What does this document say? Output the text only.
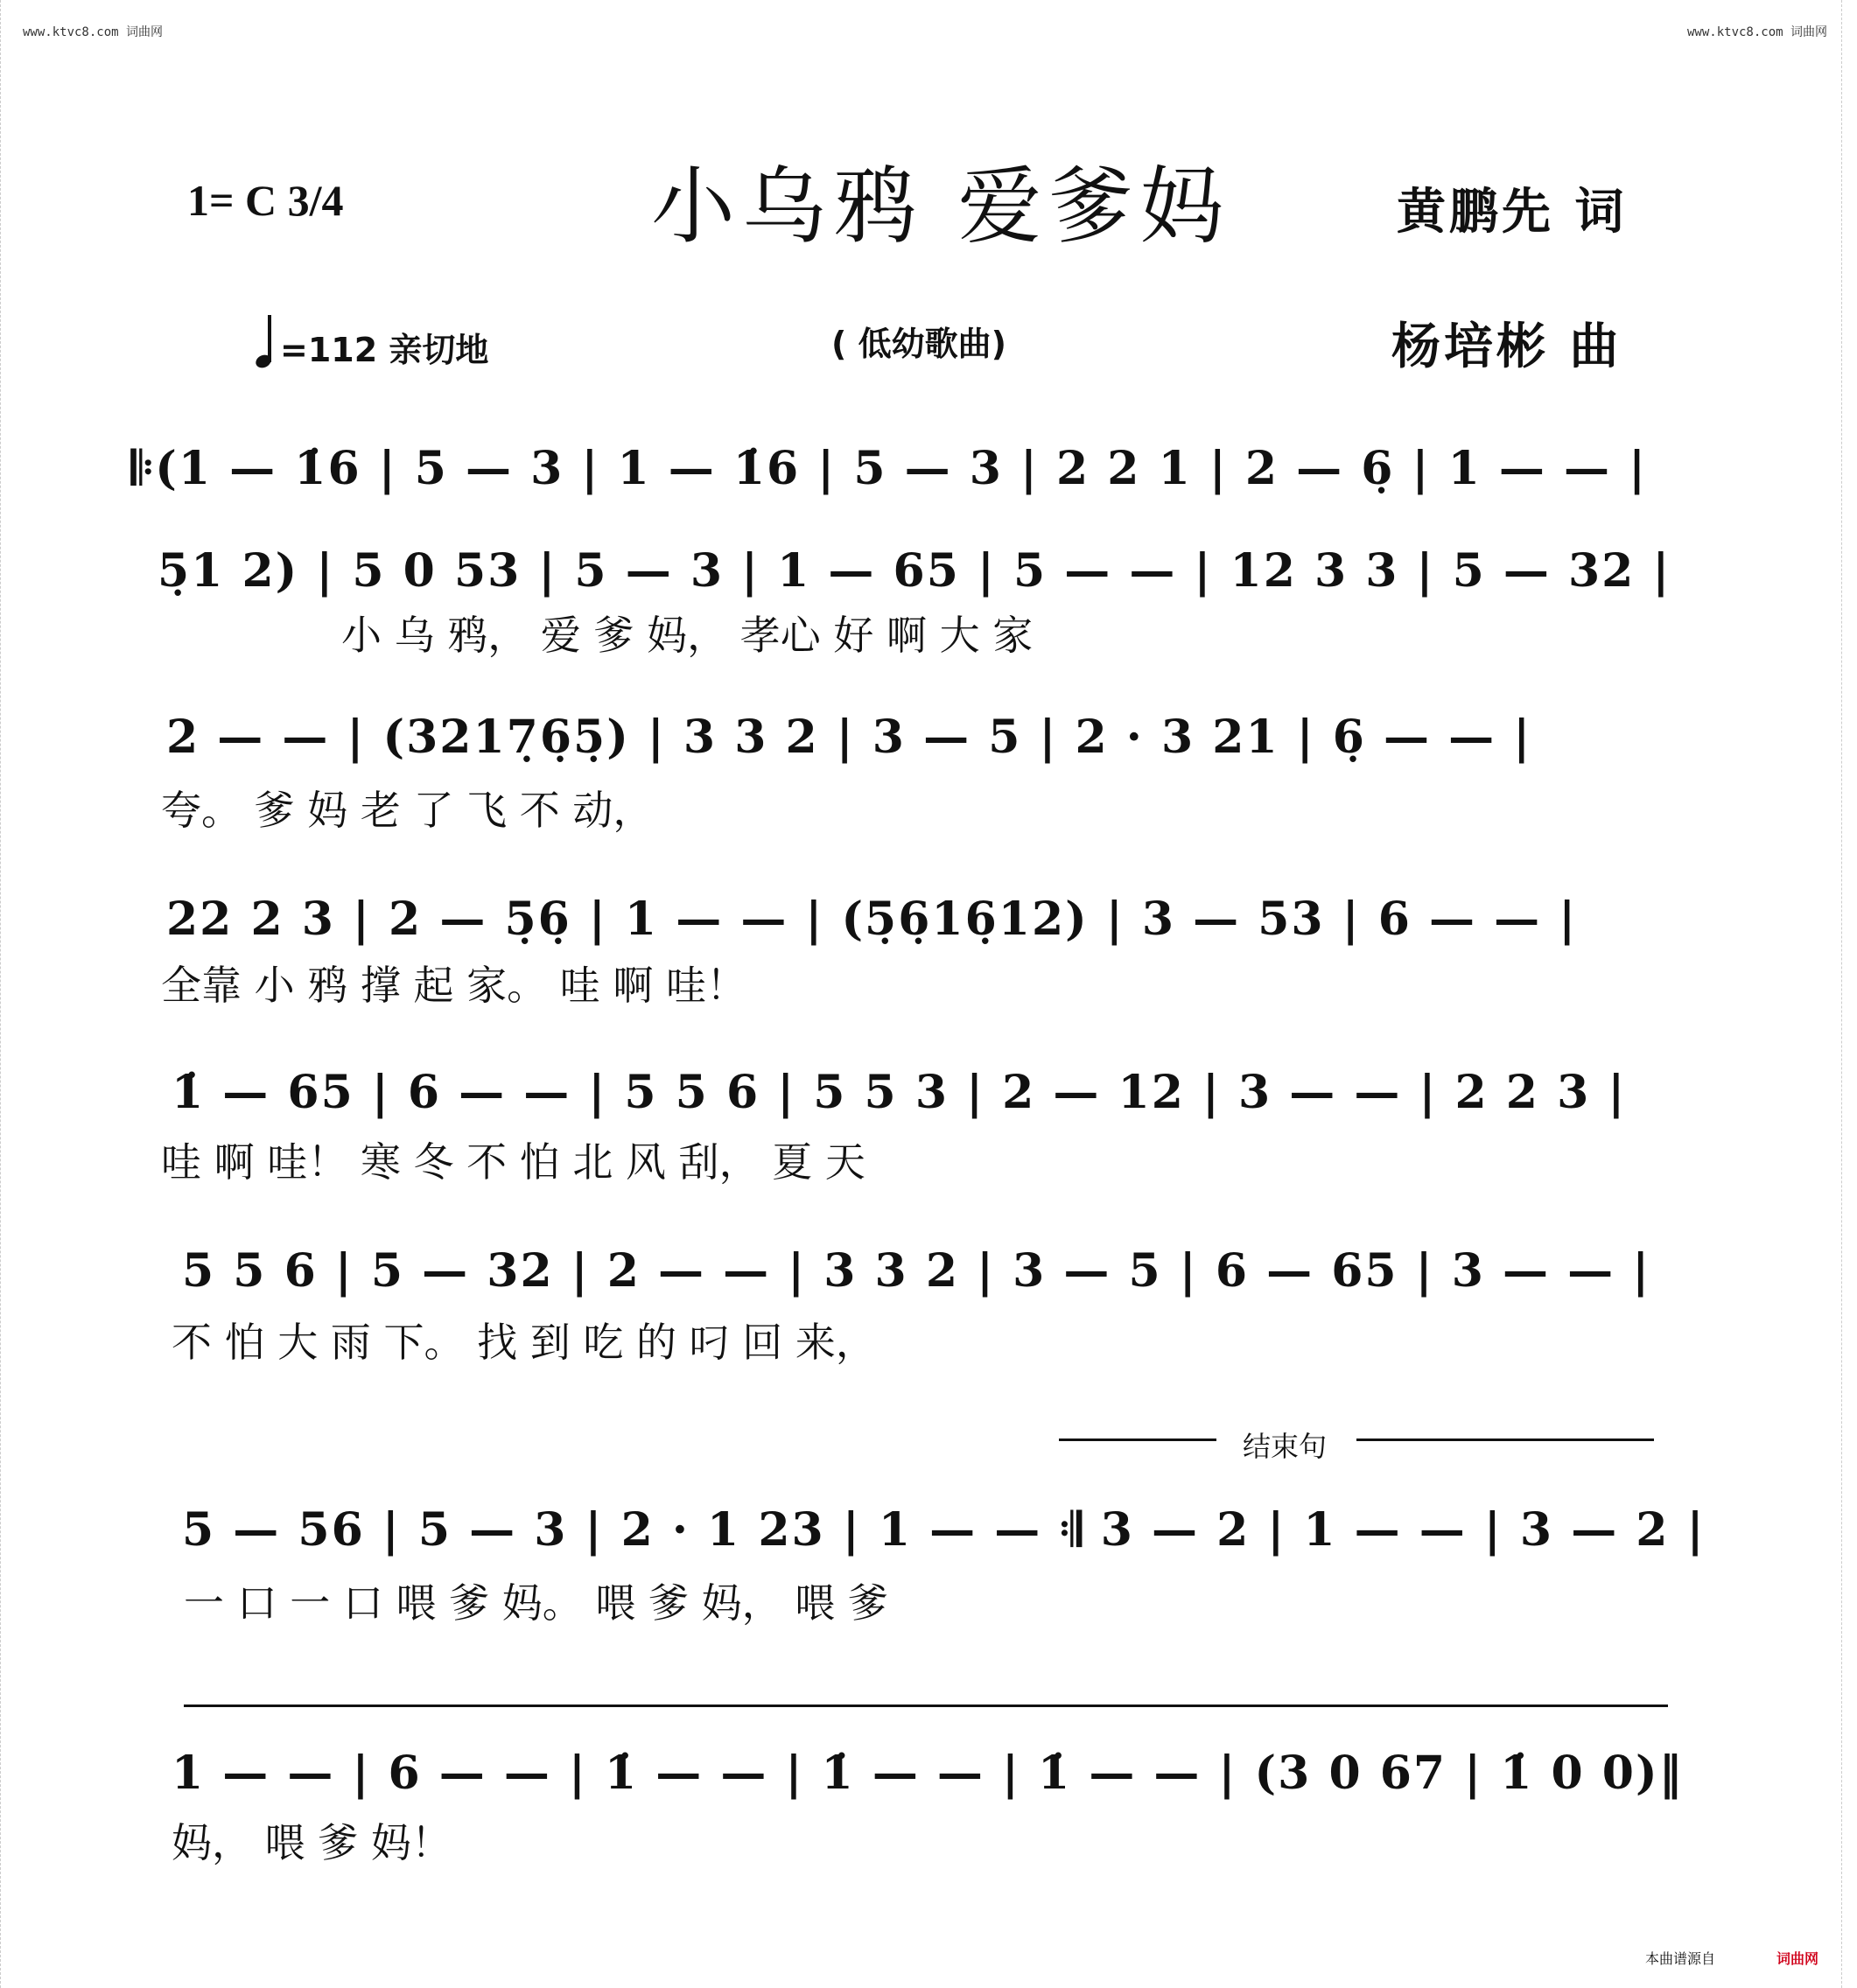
www.ktvc8.com 词曲网	www.ktvc8.com 词曲网
1= C 3/4	小乌鸦 爱爹妈	黄鹏先 词
=112 亲切地	( 低幼歌曲)	杨培彬 曲
𝄆(1 — 1̇6 | 5 — 3 | 1 — 1̇6 | 5 — 3 | 2 2 1 | 2 — 6̣ | 1 — — |
5̣1 2) | 5 0 53 | 5 — 3 | 1 — 65 | 5 — — | 12 3 3 | 5 — 32 |
小 乌 鸦， 爱 爹 妈， 孝心 好 啊 大 家
2 — — | (3217̣6̣5̣) | 3 3 2 | 3 — 5 | 2 · 3 21 | 6̣ — — |
夸。 爹 妈 老 了 飞 不 动，
22 2 3 | 2 — 5̣6̣ | 1 — — | (5̣6̣16̣12) | 3 — 53 | 6 — — |
全靠 小 鸦 撑 起 家。 哇 啊 哇！
1̇ — 65 | 6 — — | 5 5 6 | 5 5 3 | 2 — 12 | 3 — — | 2 2 3 |
哇 啊 哇！ 寒 冬 不 怕 北 风 刮， 夏 天
5 5 6 | 5 — 32 | 2 — — | 3 3 2 | 3 — 5 | 6 — 65 | 3 — — |
不 怕 大 雨 下。 找 到 吃 的 叼 回 来，
结束句
5 — 56 | 5 — 3 | 2 · 1 23 | 1 — — 𝄇 3 — 2 | 1 — — | 3 — 2 |
一 口 一 口 喂 爹 妈。 喂 爹 妈， 喂 爹
1 — — | 6 — — | 1̇ — — | 1̇ — — | 1̇ — — | (3 0 67 | 1̇ 0 0)‖
妈， 喂 爹 妈！
本曲谱源自	词曲网
